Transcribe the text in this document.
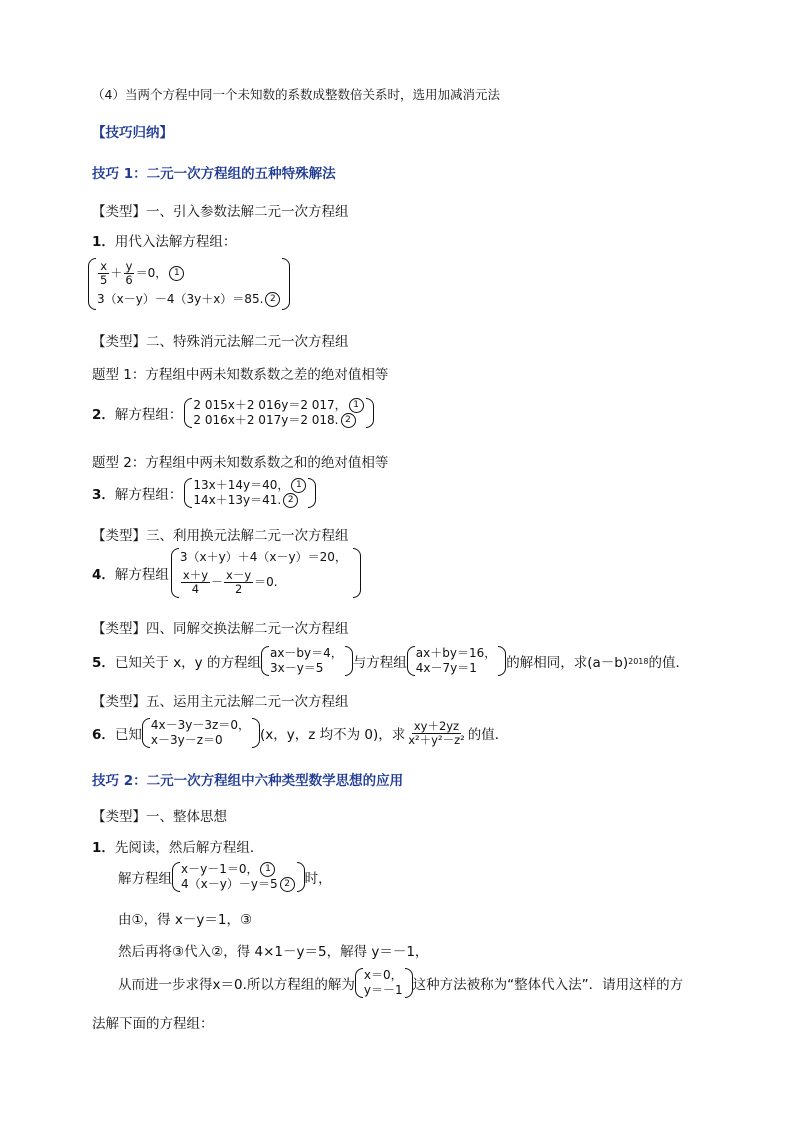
（4）当两个方程中同一个未知数的系数成整数倍关系时，选用加减消元法
【技巧归纳】
技巧 1：二元一次方程组的五种特殊解法
【类型】一、引入参数法解二元一次方程组
1．用代入法解方程组：
$\frac{x}{5} + \frac{y}{6} =0$， 1
3（x－y）－4（3y＋x）＝85. 2
【类型】二、特殊消元法解二元一次方程组
题型 1：方程组中两未知数系数之差的绝对值相等
2． 解方程组：
2 015x＋2 016y＝2 017， 1
2 016x＋2 017y＝2 018. 2
题型 2：方程组中两未知数系数之和的绝对值相等
3． 解方程组：
13x＋14y＝40， 1
14x＋13y＝41. 2
【类型】三、利用换元法解二元一次方程组
4． 解方程组
3（x＋y）＋4（x－y）＝20，
$\frac{x+y}{4} - \frac{x-y}{2} =0$.
【类型】四、同解交换法解二元一次方程组
5． 已知关于 x，y 的方程组
ax－by＝4，
3x－y＝5	与方程组
ax＋by＝16，
4x－7y＝1	的解相同，求(a－b) 2018 的值．
【类型】五、运用主元法解二元一次方程组
6． 已知
4x－3y－3z＝0，
x－3y－z＝0	(x，y，z 均不为 0)，求 $\frac{xy+2yz}{\text{x²＋y²－z²}}$ 的值．
技巧 2：二元一次方程组中六种类型数学思想的应用
【类型】一、整体思想
1．先阅读，然后解方程组．
解方程组
x－y－1＝0， 1
4（x－y）－y＝5 2	时，
由①，得 x－y＝1，③
然后再将③代入②，得 4×1－y＝5，解得 y＝－1，
从而进一步求得x＝0.所以方程组的解为
x＝0，
y＝－1 这种方法被称为“整体代入法”．请用这样的方
法解下面的方程组：
